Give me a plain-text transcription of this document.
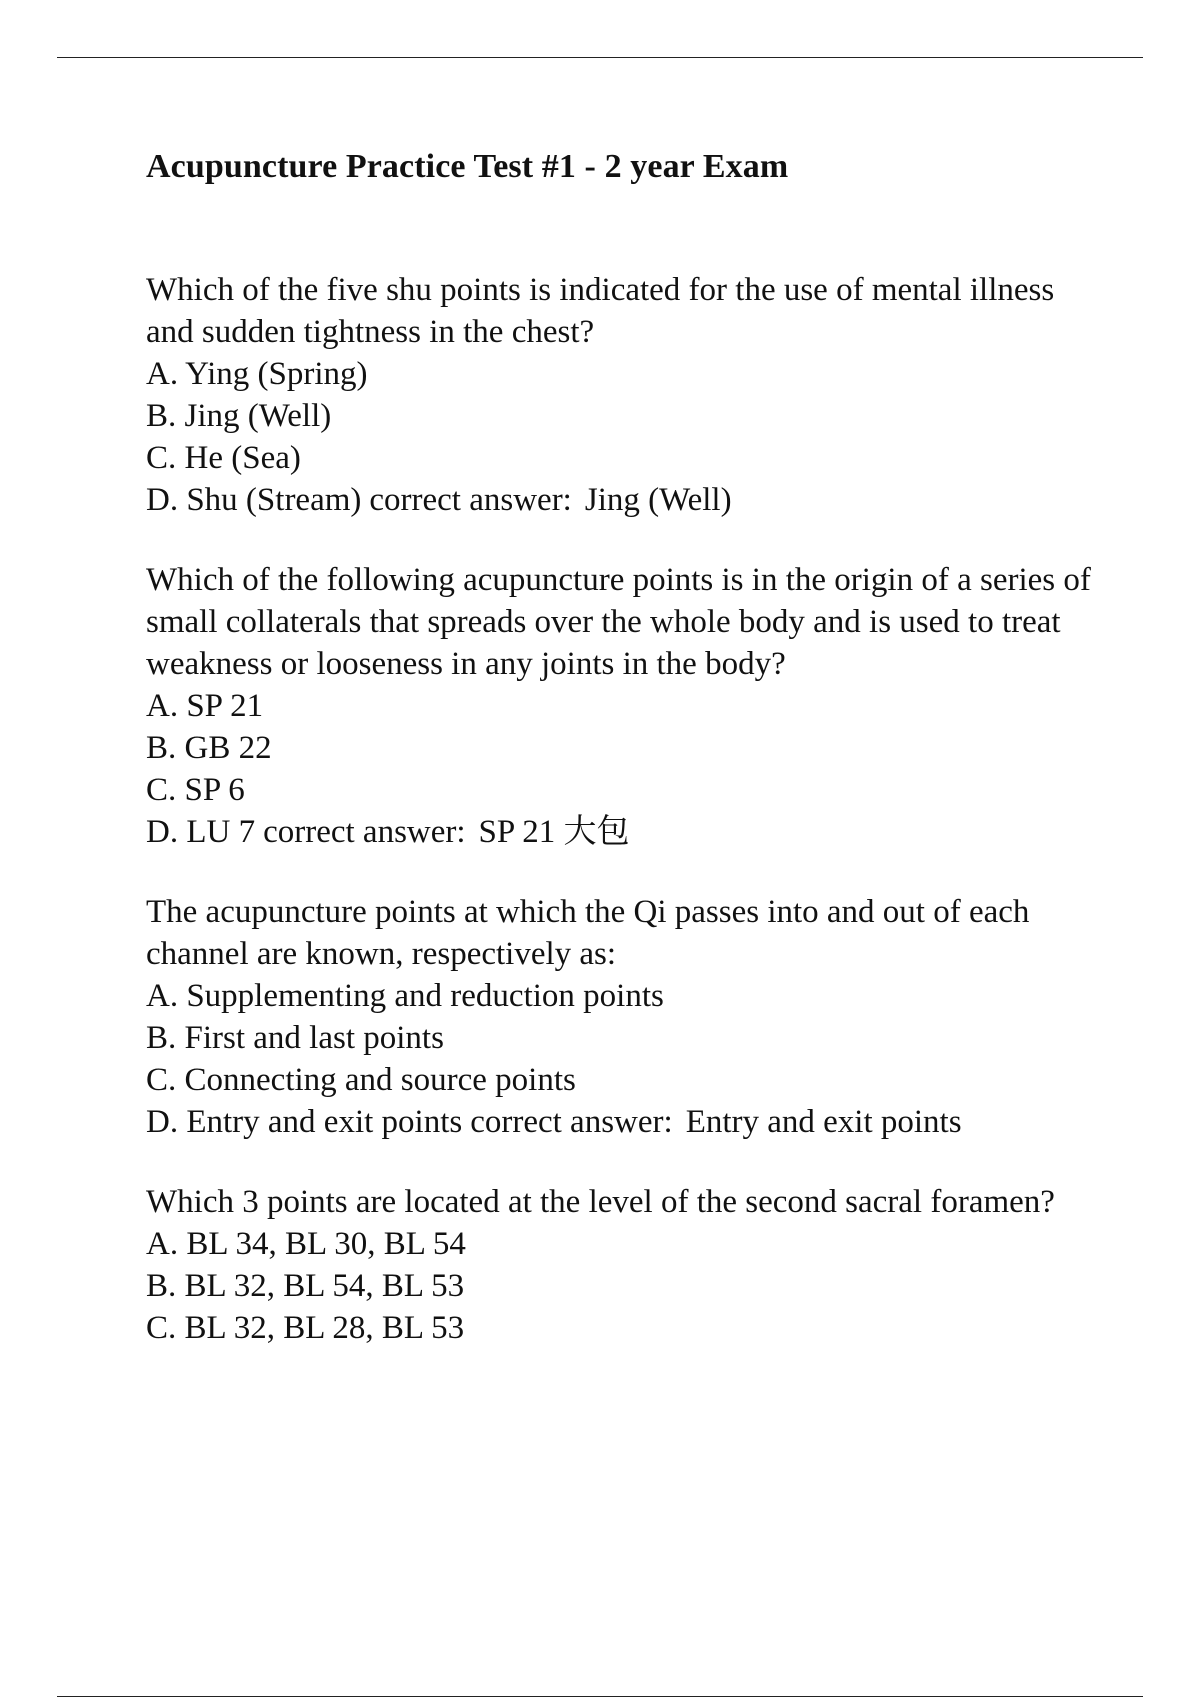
Acupuncture Practice Test #1 - 2 year Exam

Which of the five shu points is indicated for the use of mental illness and sudden tightness in the chest?

A. Ying (Spring)

B. Jing (Well)

C. He (Sea)

D. Shu (Stream) correct answer: Jing (Well)

Which of the following acupuncture points is in the origin of a series of small collaterals that spreads over the whole body and is used to treat weakness or looseness in any joints in the body?

A. SP 21

B. GB 22

C. SP 6

D. LU 7 correct answer: SP 21 大包

The acupuncture points at which the Qi passes into and out of each channel are known, respectively as:

A. Supplementing and reduction points

B. First and last points

C. Connecting and source points

D. Entry and exit points correct answer: Entry and exit points

Which 3 points are located at the level of the second sacral foramen?

A. BL 34, BL 30, BL 54

B. BL 32, BL 54, BL 53

C. BL 32, BL 28, BL 53
